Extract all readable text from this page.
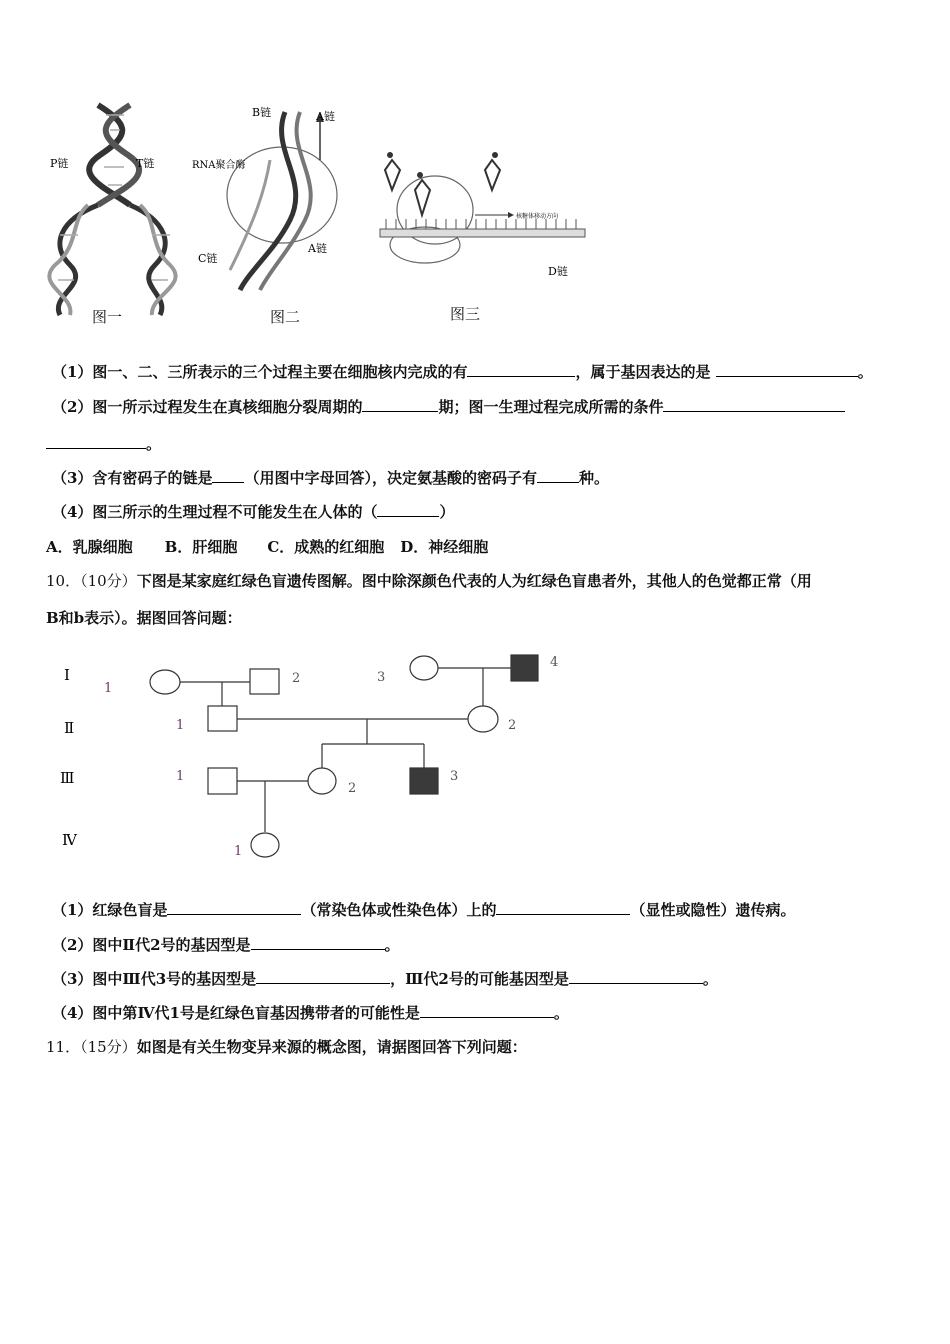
P链	T链
图一
B链	A链
RNA聚合酶
C链
A链
图二
核糖体移动方向
D链
图三
（1）图一、二、三所表示的三个过程主要在细胞核内完成的有	，属于基因表达的是	。
（2）图一所示过程发生在真核细胞分裂周期的	期；图一生理过程完成所需的条件
。
（3）含有密码子的链是 （用图中字母回答），决定氨基酸的密码子有	种。
（4）图三所示的生理过程不可能发生在人体的（	）
A．乳腺细胞 B．肝细胞 C．成熟的红细胞 D．神经细胞
10．（10分）下图是某家庭红绿色盲遗传图解。图中除深颜色代表的人为红绿色盲患者外，其他人的色觉都正常（用
B和b表示）。据图回答问题：
Ⅰ
Ⅱ
Ⅲ
Ⅳ
1
2	3
4
1	2
1
2
3
1
（1）红绿色盲是	（常染色体或性染色体）上的	（显性或隐性）遗传病。
（2）图中Ⅱ代2号的基因型是	。
（3）图中Ⅲ代3号的基因型是	，Ⅲ代2号的可能基因型是	。
（4）图中第Ⅳ代1号是红绿色盲基因携带者的可能性是	。
11．（15分）如图是有关生物变异来源的概念图，请据图回答下列问题：
